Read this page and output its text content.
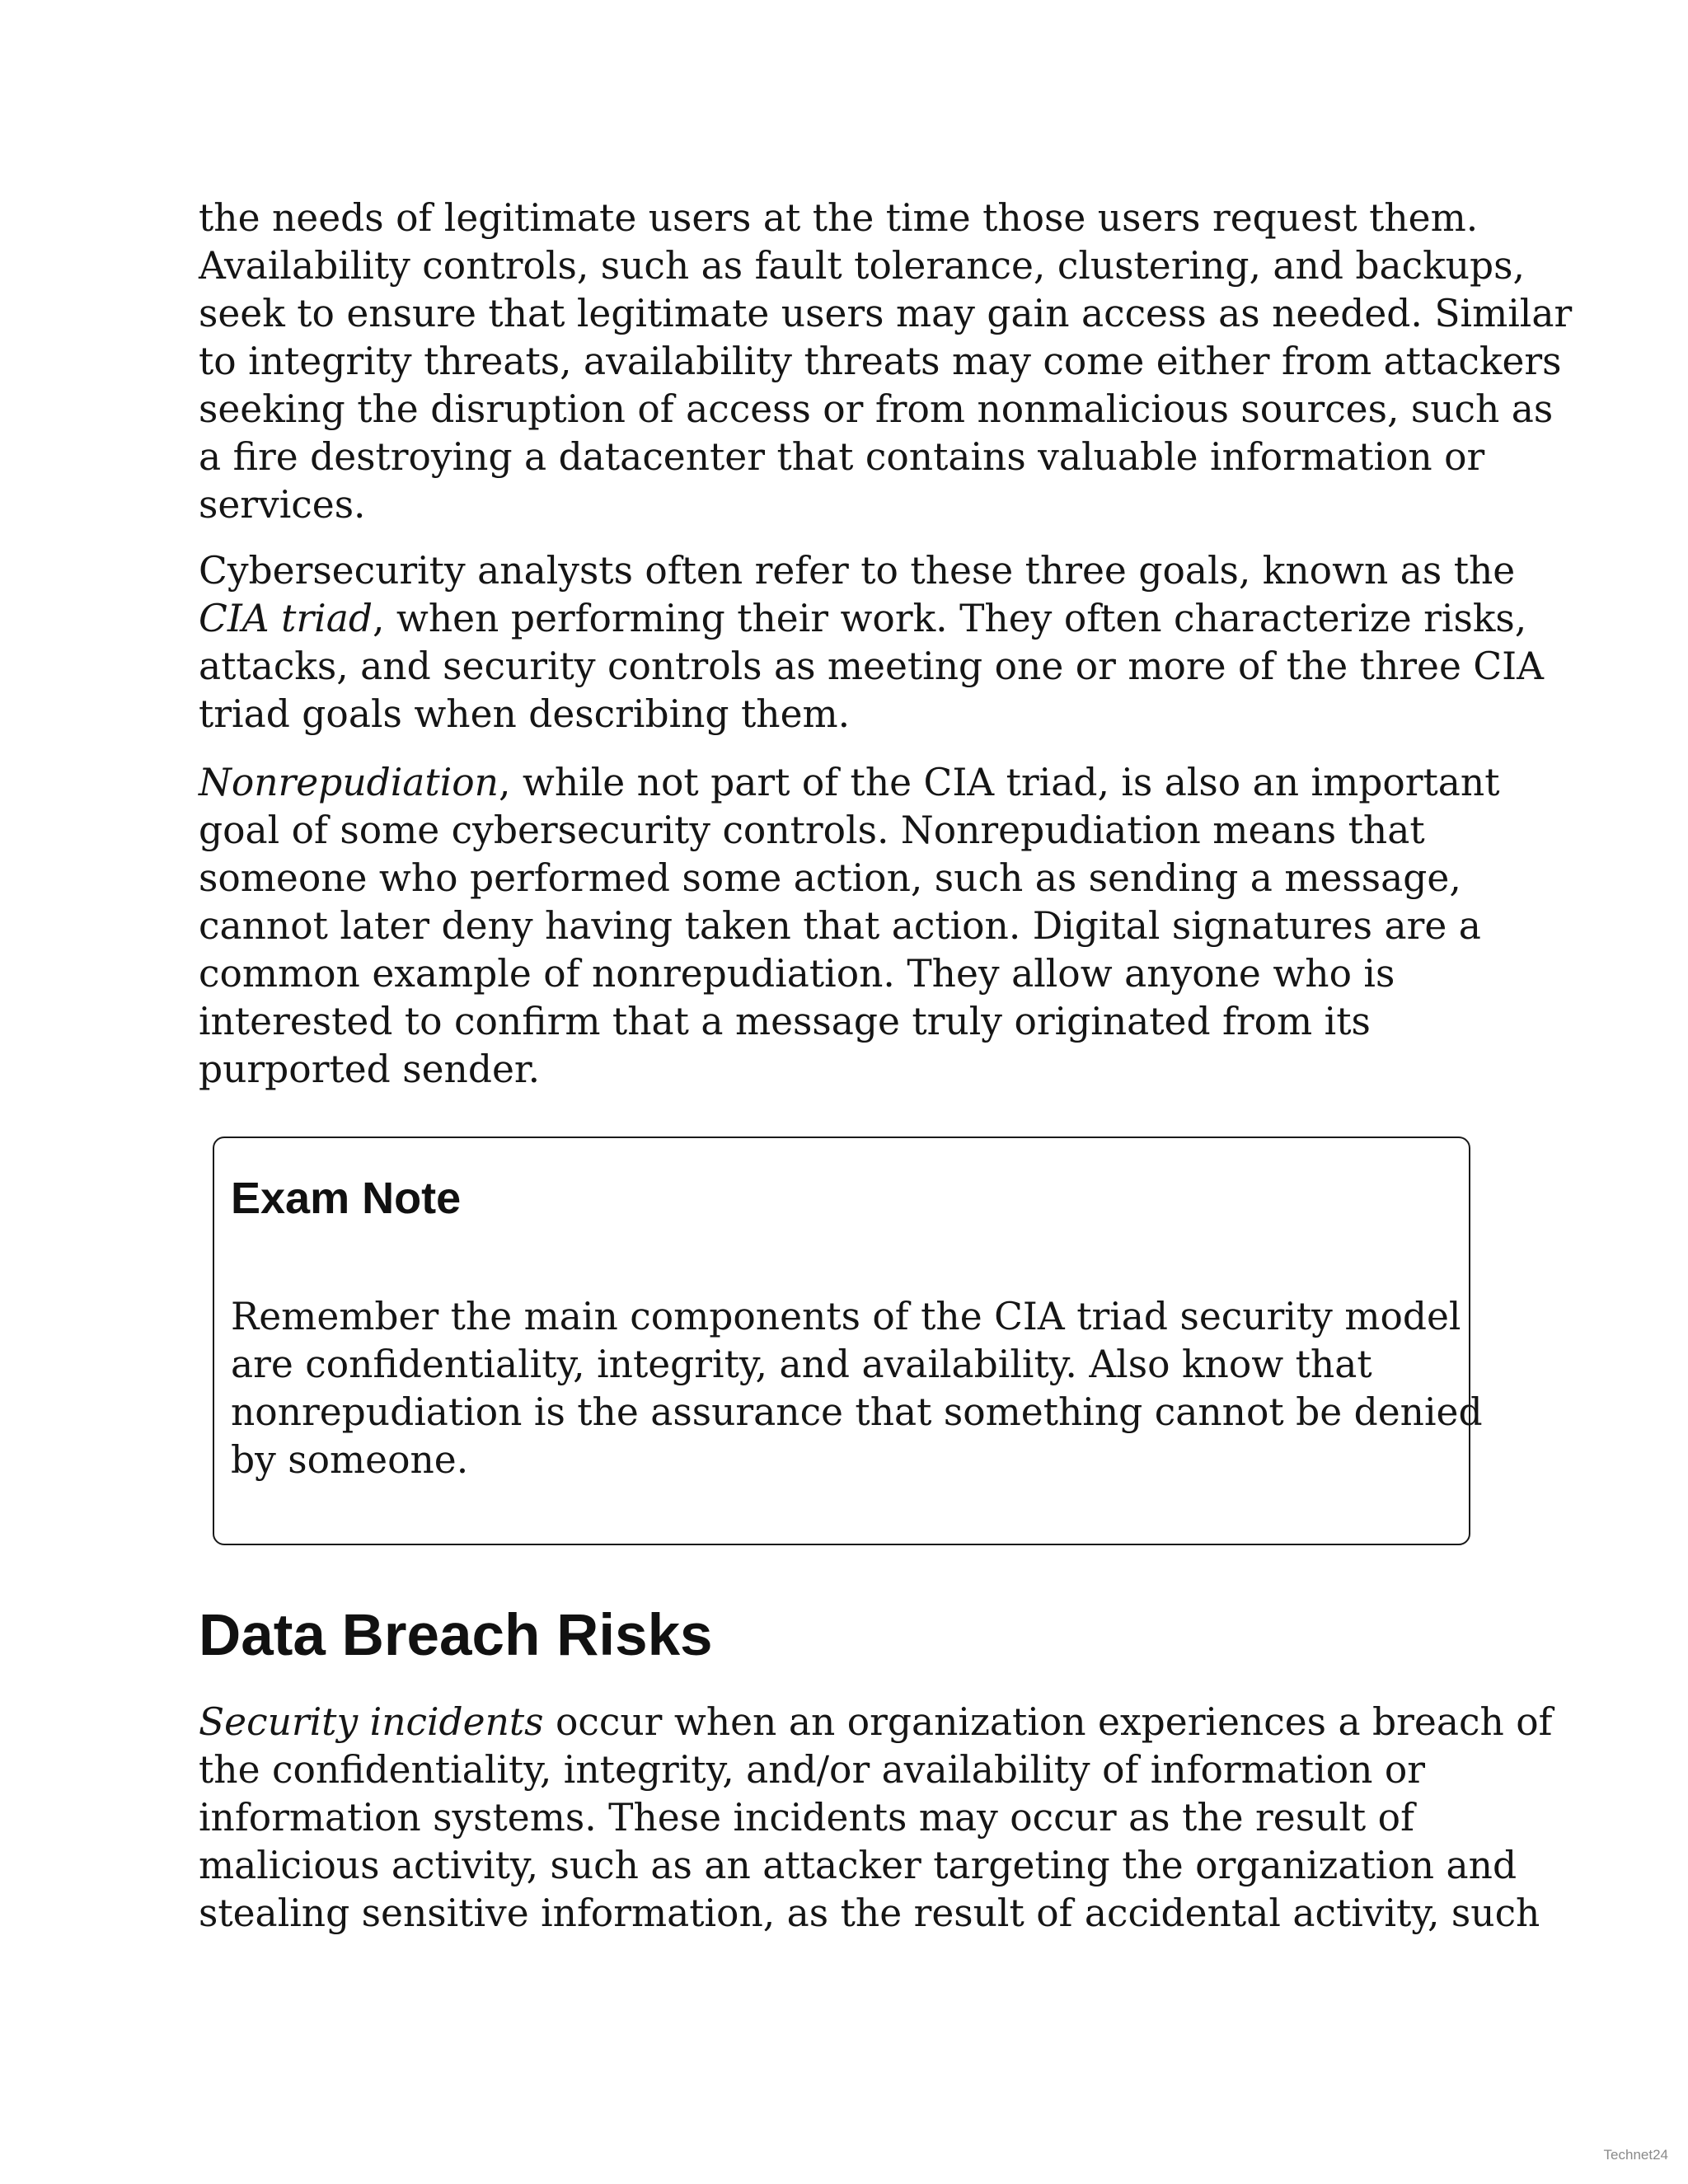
the needs of legitimate users at the time those users request them.
Availability controls, such as fault tolerance, clustering, and backups,
seek to ensure that legitimate users may gain access as needed. Similar
to integrity threats, availability threats may come either from attackers
seeking the disruption of access or from nonmalicious sources, such as
a fire destroying a datacenter that contains valuable information or
services.

Cybersecurity analysts often refer to these three goals, known as the
CIA triad, when performing their work. They often characterize risks,
attacks, and security controls as meeting one or more of the three CIA
triad goals when describing them.

Nonrepudiation, while not part of the CIA triad, is also an important
goal of some cybersecurity controls. Nonrepudiation means that
someone who performed some action, such as sending a message,
cannot later deny having taken that action. Digital signatures are a
common example of nonrepudiation. They allow anyone who is
interested to confirm that a message truly originated from its
purported sender.

Exam Note

Remember the main components of the CIA triad security model
are confidentiality, integrity, and availability. Also know that
nonrepudiation is the assurance that something cannot be denied
by someone.

Data Breach Risks

Security incidents occur when an organization experiences a breach of
the confidentiality, integrity, and/or availability of information or
information systems. These incidents may occur as the result of
malicious activity, such as an attacker targeting the organization and
stealing sensitive information, as the result of accidental activity, such

Technet24
